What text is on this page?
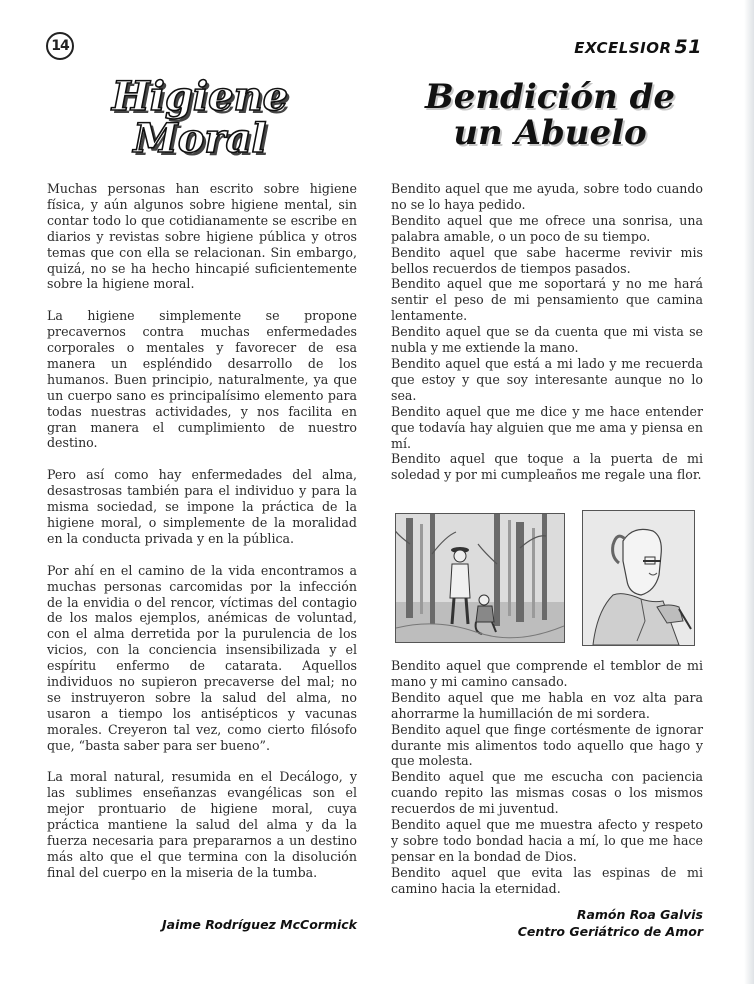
14	EXCELSIOR 51
Higiene
Moral
Bendición de
un Abuelo

Muchas personas han escrito sobre higiene física, y aún algunos sobre higiene mental, sin contar todo lo que cotidianamente se escribe en diarios y revistas sobre higiene pública y otros temas que con ella se relacionan. Sin embargo, quizá, no se ha hecho hincapié suficientemente sobre la higiene moral.

La higiene simplemente se propone precavernos contra muchas enfermedades corporales o mentales y favorecer de esa manera un espléndido desarrollo de los humanos. Buen principio, naturalmente, ya que un cuerpo sano es principalísimo elemento para todas nuestras actividades, y nos facilita en gran manera el cumplimiento de nuestro destino.

Pero así como hay enfermedades del alma, desastrosas también para el individuo y para la misma sociedad, se impone la práctica de la higiene moral, o simplemente de la moralidad en la conducta privada y en la pública.

Por ahí en el camino de la vida encontramos a muchas personas carcomidas por la infección de la envidia o del rencor, víctimas del contagio de los malos ejemplos, anémicas de voluntad, con el alma derretida por la purulencia de los vicios, con la conciencia insensibilizada y el espíritu enfermo de catarata. Aquellos individuos no supieron precaverse del mal; no se instruyeron sobre la salud del alma, no usaron a tiempo los antisépticos y vacunas morales. Creyeron tal vez, como cierto filósofo que, “basta saber para ser bueno”.

La moral natural, resumida en el Decálogo, y las sublimes enseñanzas evangélicas son el mejor prontuario de higiene moral, cuya práctica mantiene la salud del alma y da la fuerza necesaria para prepararnos a un destino más alto que el que termina con la disolución final del cuerpo en la miseria de la tumba.

Jaime Rodríguez McCormick

Bendito aquel que me ayuda, sobre todo cuando no se lo haya pedido.

Bendito aquel que me ofrece una sonrisa, una palabra amable, o un poco de su tiempo.

Bendito aquel que sabe hacerme revivir mis bellos recuerdos de tiempos pasados.

Bendito aquel que me soportará y no me hará sentir el peso de mi pensamiento que camina lentamente.

Bendito aquel que se da cuenta que mi vista se nubla y me extiende la mano.

Bendito aquel que está a mi lado y me recuerda que estoy y que soy interesante aunque no lo sea.

Bendito aquel que me dice y me hace entender que todavía hay alguien que me ama y piensa en mí.

Bendito aquel que toque a la puerta de mi soledad y por mi cumpleaños me regale una flor.

Bendito aquel que comprende el temblor de mi mano y mi camino cansado.

Bendito aquel que me habla en voz alta para ahorrarme la humillación de mi sordera.

Bendito aquel que finge cortésmente de ignorar durante mis alimentos todo aquello que hago y que molesta.

Bendito aquel que me escucha con paciencia cuando repito las mismas cosas o los mismos recuerdos de mi juventud.

Bendito aquel que me muestra afecto y respeto y sobre todo bondad hacia a mí, lo que me hace pensar en la bondad de Dios.

Bendito aquel que evita las espinas de mi camino hacia la eternidad.

Ramón Roa Galvis
Centro Geriátrico de Amor
